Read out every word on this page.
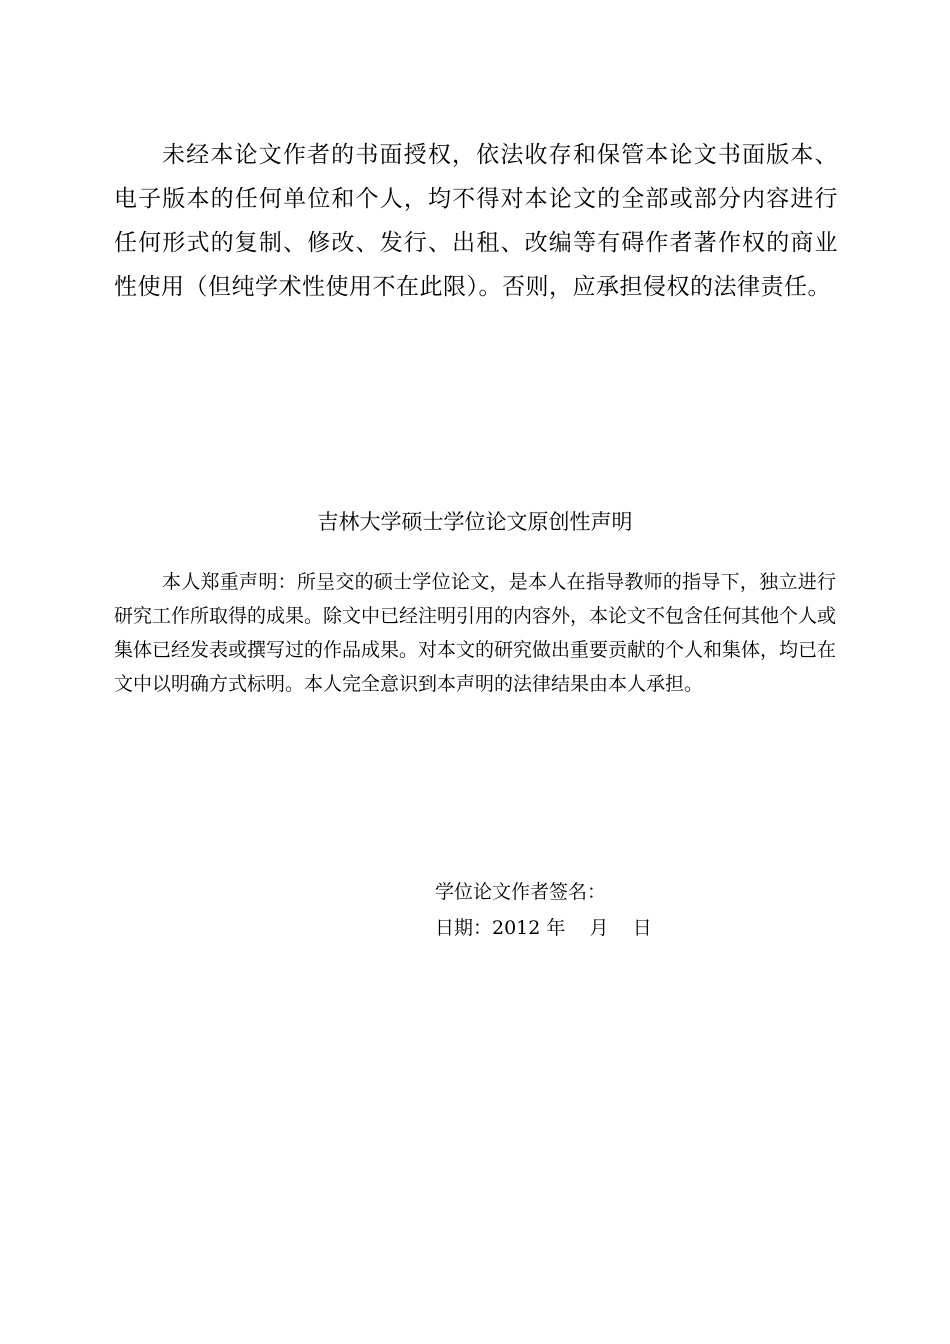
未经本论文作者的书面授权，依法收存和保管本论文书面版本、电子版本的任何单位和个人，均不得对本论文的全部或部分内容进行任何形式的复制、修改、发行、出租、改编等有碍作者著作权的商业性使用（但纯学术性使用不在此限）。否则，应承担侵权的法律责任。

吉林大学硕士学位论文原创性声明

本人郑重声明：所呈交的硕士学位论文，是本人在指导教师的指导下，独立进行研究工作所取得的成果。除文中已经注明引用的内容外，本论文不包含任何其他个人或集体已经发表或撰写过的作品成果。对本文的研究做出重要贡献的个人和集体，均已在文中以明确方式标明。本人完全意识到本声明的法律结果由本人承担。

学位论文作者签名：
日期：2012 年    月    日
